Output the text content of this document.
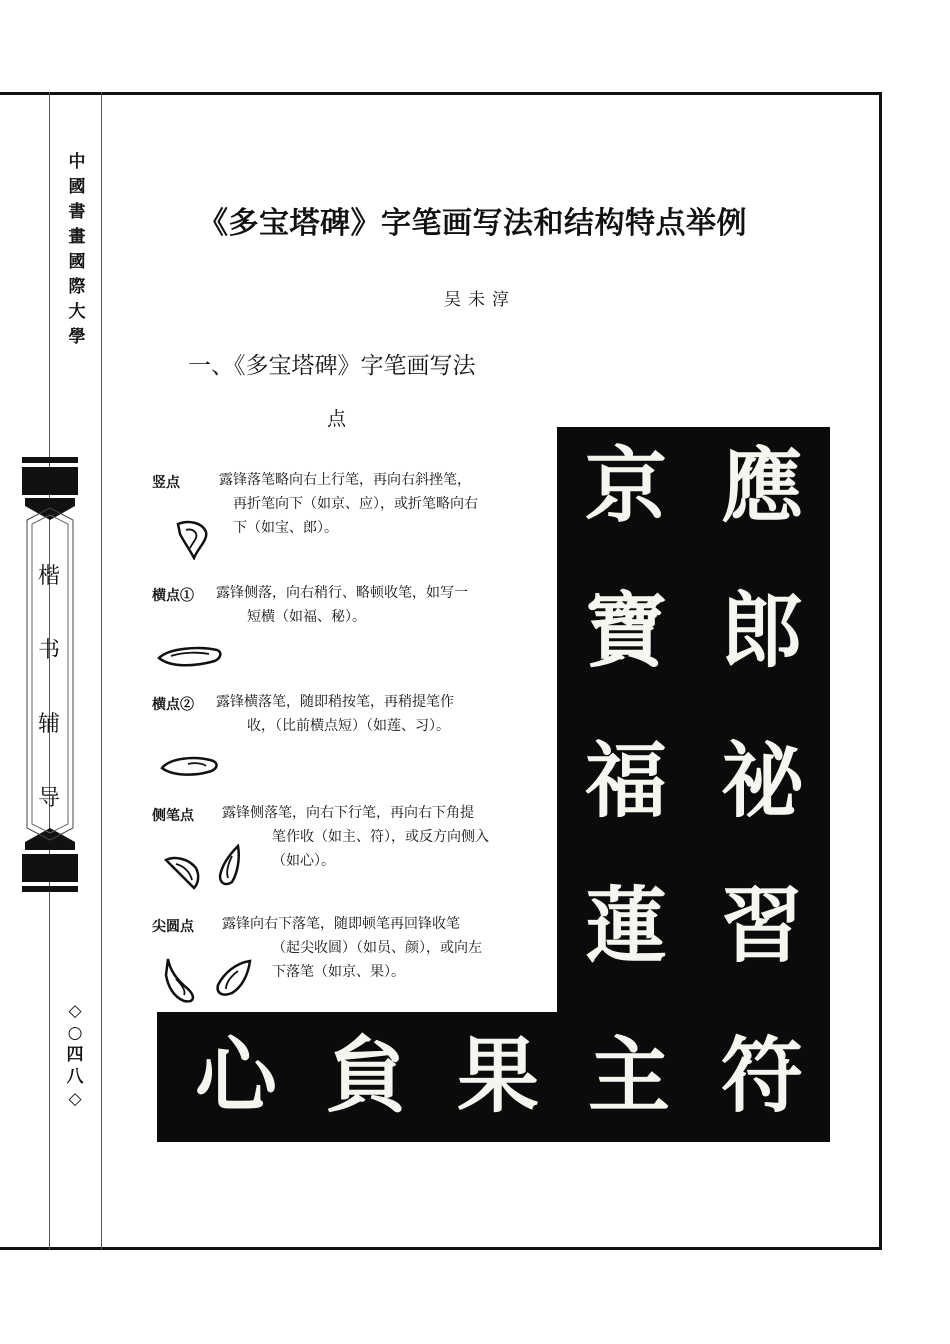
中
國
書
畫
國
際
大
學
楷
书
辅
导
◇
○
四
八
◇
《多宝塔碑》字笔画写法和结构特点举例
吴未淳
一、《多宝塔碑》字笔画写法
点
竖点	露锋落笔略向右上行笔，再向右斜挫笔，
再折笔向下（如京、应），或折笔略向右
下（如宝、郎）。
横点① 露锋侧落，向右稍行、略顿收笔，如写一
短横（如福、秘）。
横点② 露锋横落笔，随即稍按笔，再稍提笔作
收，（比前横点短）（如莲、习）。
侧笔点 露锋侧落笔，向右下行笔，再向右下角提
笔作收（如主、符），或反方向侧入
（如心）。
尖圆点 露锋向右下落笔，随即顿笔再回锋收笔
（起尖收圆）（如员、颜），或向左
下落笔（如京、果）。
京
寶
福
蓮
應
郎
祕
習
心 貟 果 主 符
